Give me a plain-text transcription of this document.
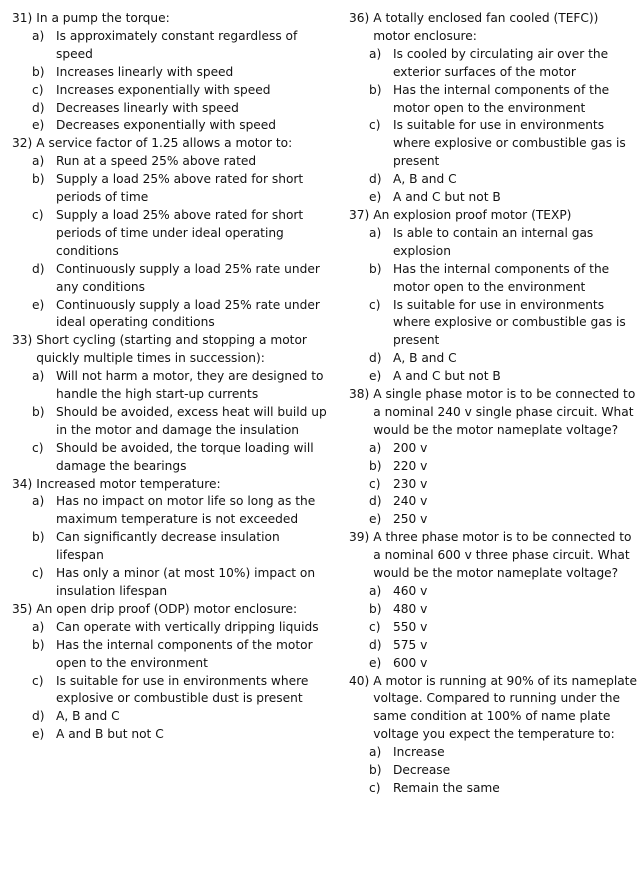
31) In a pump the torque:
a) Is approximately constant regardless of speed
b) Increases linearly with speed
c)	Increases exponentially with speed
d) Decreases linearly with speed
e) Decreases exponentially with speed
32) A service factor of 1.25 allows a motor to:
a) Run at a speed 25% above rated
b) Supply a load 25% above rated for short periods of time
c)	Supply a load 25% above rated for short periods of time under ideal operating conditions
d) Continuously supply a load 25% rate under any conditions
e) Continuously supply a load 25% rate under ideal operating conditions
33) Short cycling (starting and stopping a motor quickly multiple times in succession):
a) Will not harm a motor, they are designed to handle the high start-up currents
b) Should be avoided, excess heat will build up in the motor and damage the insulation
c)	Should be avoided, the torque loading will damage the bearings
34) Increased motor temperature:
a) Has no impact on motor life so long as the maximum temperature is not exceeded
b) Can significantly decrease insulation lifespan
c)	Has only a minor (at most 10%) impact on insulation lifespan
35) An open drip proof (ODP) motor enclosure:
a) Can operate with vertically dripping liquids
b) Has the internal components of the motor open to the environment
c)	Is suitable for use in environments where explosive or combustible dust is present
d) A, B and C
e) A and B but not C
36) A totally enclosed fan cooled (TEFC)) motor enclosure:
a) Is cooled by circulating air over the exterior surfaces of the motor
b) Has the internal components of the motor open to the environment
c)	Is suitable for use in environments where explosive or combustible gas is present
d) A, B and C
e) A and C but not B
37) An explosion proof motor (TEXP)
a) Is able to contain an internal gas explosion
b) Has the internal components of the motor open to the environment
c)	Is suitable for use in environments where explosive or combustible gas is present
d) A, B and C
e) A and C but not B
38) A single phase motor is to be connected to a nominal 240 v single phase circuit. What would be the motor nameplate voltage?
a) 200 v
b) 220 v
c)	230 v
d) 240 v
e) 250 v
39) A three phase motor is to be connected to a nominal 600 v three phase circuit. What would be the motor nameplate voltage?
a) 460 v
b) 480 v
c)	550 v
d) 575 v
e) 600 v
40) A motor is running at 90% of its nameplate voltage. Compared to running under the same condition at 100% of name plate voltage you expect the temperature to:
a) Increase
b) Decrease
c)	Remain the same
